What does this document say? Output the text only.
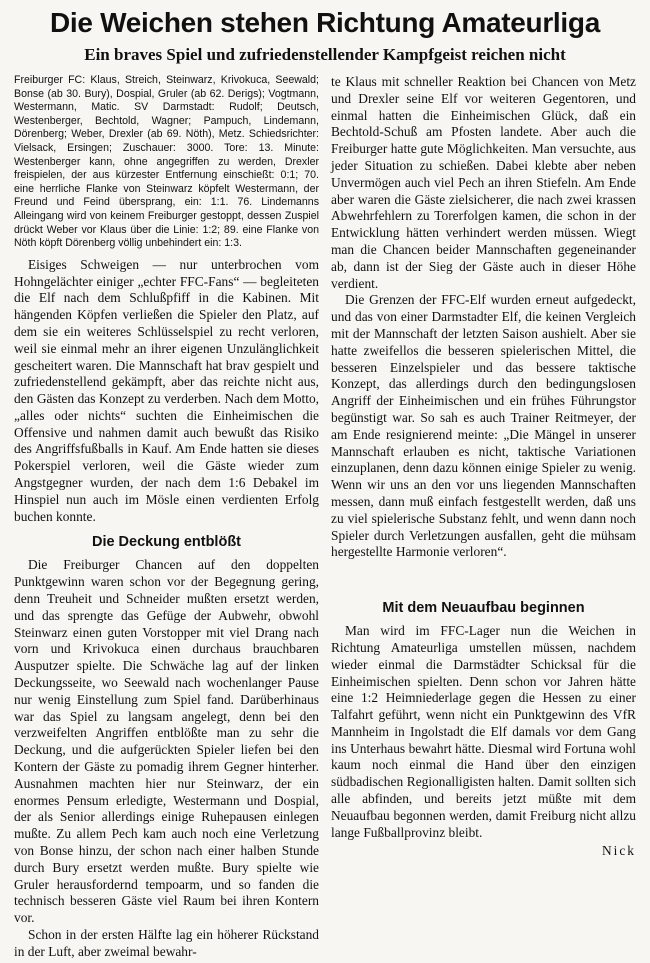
Die Weichen stehen Richtung Amateurliga
Ein braves Spiel und zufriedenstellender Kampfgeist reichen nicht

Freiburger FC: Klaus, Streich, Steinwarz, Krivokuca, Seewald; Bonse (ab 30. Bury), Dospial, Gruler (ab 62. Derigs); Vogtmann, Westermann, Matic. SV Darmstadt: Rudolf; Deutsch, Westenberger, Bechtold, Wagner; Pampuch, Lindemann, Dörenberg; Weber, Drexler (ab 69. Nöth), Metz. Schiedsrichter: Vielsack, Ersingen; Zuschauer: 3000. Tore: 13. Minute: Westenberger kann, ohne angegriffen zu werden, Drexler freispielen, der aus kürzester Entfernung einschießt: 0:1; 70. eine herrliche Flanke von Steinwarz köpfelt Westermann, der Freund und Feind übersprang, ein: 1:1. 76. Lindemanns Alleingang wird von keinem Freiburger gestoppt, dessen Zuspiel drückt Weber vor Klaus über die Linie: 1:2; 89. eine Flanke von Nöth köpft Dörenberg völlig unbehindert ein: 1:3.

Eisiges Schweigen — nur unterbrochen vom Hohngelächter einiger „echter FFC-Fans“ — begleiteten die Elf nach dem Schlußpfiff in die Kabinen. Mit hängenden Köpfen verließen die Spieler den Platz, auf dem sie ein weiteres Schlüsselspiel zu recht verloren, weil sie einmal mehr an ihrer eigenen Unzulänglichkeit gescheitert waren. Die Mannschaft hat brav gespielt und zufriedenstellend gekämpft, aber das reichte nicht aus, den Gästen das Konzept zu verderben. Nach dem Motto, „alles oder nichts“ suchten die Einheimischen die Offensive und nahmen damit auch bewußt das Risiko des Angriffsfußballs in Kauf. Am Ende hatten sie dieses Pokerspiel verloren, weil die Gäste wieder zum Angstgegner wurden, der nach dem 1:6 Debakel im Hinspiel nun auch im Mösle einen verdienten Erfolg buchen konnte.

Die Deckung entblößt

Die Freiburger Chancen auf den doppelten Punktgewinn waren schon vor der Begegnung gering, denn Treuheit und Schneider mußten ersetzt werden, und das sprengte das Gefüge der Aubwehr, obwohl Steinwarz einen guten Vorstopper mit viel Drang nach vorn und Krivokuca einen durchaus brauchbaren Ausputzer spielte. Die Schwäche lag auf der linken Deckungsseite, wo Seewald nach wochenlanger Pause nur wenig Einstellung zum Spiel fand. Darüberhinaus war das Spiel zu langsam angelegt, denn bei den verzweifelten Angriffen entblößte man zu sehr die Deckung, und die aufgerückten Spieler liefen bei den Kontern der Gäste zu pomadig ihrem Gegner hinterher. Ausnahmen machten hier nur Steinwarz, der ein enormes Pensum erledigte, Westermann und Dospial, der als Senior allerdings einige Ruhepausen einlegen mußte. Zu allem Pech kam auch noch eine Verletzung von Bonse hinzu, der schon nach einer halben Stunde durch Bury ersetzt werden mußte. Bury spielte wie Gruler herausfordernd tempoarm, und so fanden die technisch besseren Gäste viel Raum bei ihren Kontern vor.

Schon in der ersten Hälfte lag ein höherer Rückstand in der Luft, aber zweimal bewahr-

te Klaus mit schneller Reaktion bei Chancen von Metz und Drexler seine Elf vor weiteren Gegentoren, und einmal hatten die Einheimischen Glück, daß ein Bechtold-Schuß am Pfosten landete. Aber auch die Freiburger hatte gute Möglichkeiten. Man versuchte, aus jeder Situation zu schießen. Dabei klebte aber neben Unvermögen auch viel Pech an ihren Stiefeln. Am Ende aber waren die Gäste zielsicherer, die nach zwei krassen Abwehrfehlern zu Torerfolgen kamen, die schon in der Entwicklung hätten verhindert werden müssen. Wiegt man die Chancen beider Mannschaften gegeneinander ab, dann ist der Sieg der Gäste auch in dieser Höhe verdient.

Die Grenzen der FFC-Elf wurden erneut aufgedeckt, und das von einer Darmstadter Elf, die keinen Vergleich mit der Mannschaft der letzten Saison aushielt. Aber sie hatte zweifellos die besseren spielerischen Mittel, die besseren Einzelspieler und das bessere taktische Konzept, das allerdings durch den bedingungslosen Angriff der Einheimischen und ein frühes Führungstor begünstigt war. So sah es auch Trainer Reitmeyer, der am Ende resignierend meinte: „Die Mängel in unserer Mannschaft erlauben es nicht, taktische Variationen einzuplanen, denn dazu können einige Spieler zu wenig. Wenn wir uns an den vor uns liegenden Mannschaften messen, dann muß einfach festgestellt werden, daß uns zu viel spielerische Substanz fehlt, und wenn dann noch Spieler durch Verletzungen ausfallen, geht die mühsam hergestellte Harmonie verloren“.

Mit dem Neuaufbau beginnen

Man wird im FFC-Lager nun die Weichen in Richtung Amateurliga umstellen müssen, nachdem wieder einmal die Darmstädter Schicksal für die Einheimischen spielten. Denn schon vor Jahren hätte eine 1:2 Heimniederlage gegen die Hessen zu einer Talfahrt geführt, wenn nicht ein Punktgewinn des VfR Mannheim in Ingolstadt die Elf damals vor dem Gang ins Unterhaus bewahrt hätte. Diesmal wird Fortuna wohl kaum noch einmal die Hand über den einzigen südbadischen Regionalligisten halten. Damit sollten sich alle abfinden, und bereits jetzt müßte mit dem Neuaufbau begonnen werden, damit Freiburg nicht allzu lange Fußballprovinz bleibt.

Nick
